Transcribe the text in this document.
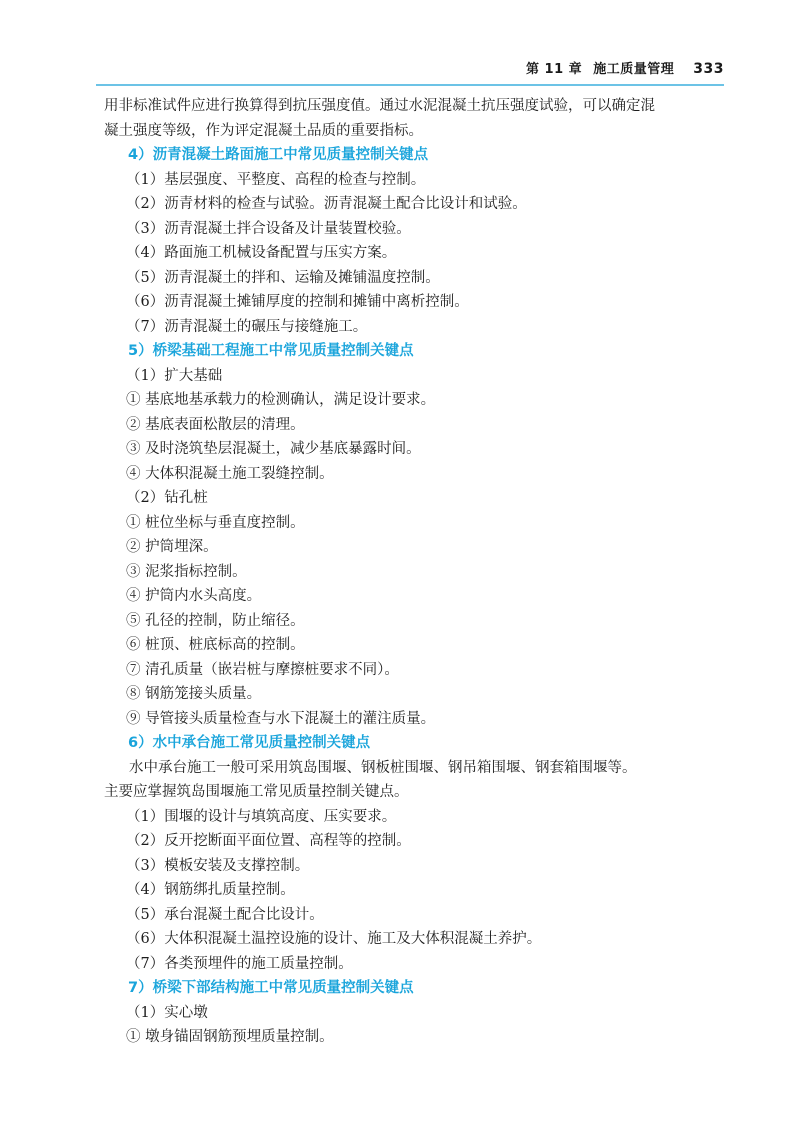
第 11 章 施工质量管理 333
用非标准试件应进行换算得到抗压强度值。通过水泥混凝土抗压强度试验，可以确定混
凝土强度等级，作为评定混凝土品质的重要指标。
4）沥青混凝土路面施工中常见质量控制关键点
（1）基层强度、平整度、高程的检查与控制。
（2）沥青材料的检查与试验。沥青混凝土配合比设计和试验。
（3）沥青混凝土拌合设备及计量装置校验。
（4）路面施工机械设备配置与压实方案。
（5）沥青混凝土的拌和、运输及摊铺温度控制。
（6）沥青混凝土摊铺厚度的控制和摊铺中离析控制。
（7）沥青混凝土的碾压与接缝施工。
5）桥梁基础工程施工中常见质量控制关键点
（1）扩大基础
① 基底地基承载力的检测确认，满足设计要求。
② 基底表面松散层的清理。
③ 及时浇筑垫层混凝土，减少基底暴露时间。
④ 大体积混凝土施工裂缝控制。
（2）钻孔桩
① 桩位坐标与垂直度控制。
② 护筒埋深。
③ 泥浆指标控制。
④ 护筒内水头高度。
⑤ 孔径的控制，防止缩径。
⑥ 桩顶、桩底标高的控制。
⑦ 清孔质量（嵌岩桩与摩擦桩要求不同）。
⑧ 钢筋笼接头质量。
⑨ 导管接头质量检查与水下混凝土的灌注质量。
6）水中承台施工常见质量控制关键点
水中承台施工一般可采用筑岛围堰、钢板桩围堰、钢吊箱围堰、钢套箱围堰等。
主要应掌握筑岛围堰施工常见质量控制关键点。
（1）围堰的设计与填筑高度、压实要求。
（2）反开挖断面平面位置、高程等的控制。
（3）模板安装及支撑控制。
（4）钢筋绑扎质量控制。
（5）承台混凝土配合比设计。
（6）大体积混凝土温控设施的设计、施工及大体积混凝土养护。
（7）各类预埋件的施工质量控制。
7）桥梁下部结构施工中常见质量控制关键点
（1）实心墩
① 墩身锚固钢筋预埋质量控制。
